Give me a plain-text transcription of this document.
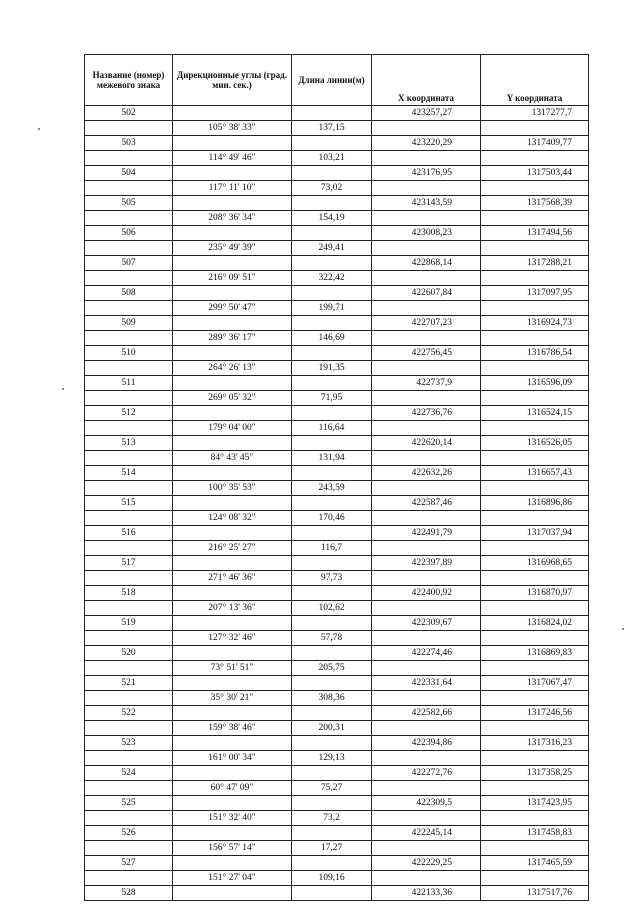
Название (номер) межевого знака	Дирекционные углы (град. мин. сек.)	Длина линии(м)	X координата	Y координата
502			423257,27	1317277,7
	105° 38' 33"	137,15		
503			423220,29	1317409,77
	114° 49' 46"	103,21		
504			423176,95	1317503,44
	117° 11' 10"	73,02		
505			423143,59	1317568,39
	208° 36' 34"	154,19		
506			423008,23	1317494,56
	235° 49' 39"	249,41		
507			422868,14	1317288,21
	216° 09' 51"	322,42		
508			422607,84	1317097,95
	299° 50' 47"	199,71		
509			422707,23	1316924,73
	289° 36' 17"	146,69		
510			422756,45	1316786,54
	264° 26' 13"	191,35		
511			422737,9	1316596,09
	269° 05' 32"	71,95		
512			422736,76	1316524,15
	179° 04' 00"	116,64		
513			422620,14	1316526,05
	84° 43' 45"	131,94		
514			422632,26	1316657,43
	100° 35' 53"	243,59		
515			422587,46	1316896,86
	124° 08' 32"	170,46		
516			422491,79	1317037,94
	216° 25' 27"	116,7		
517			422397,89	1316968,65
	271° 46' 36"	97,73		
518			422400,92	1316870,97
	207° 13' 36"	102,62		
519			422309,67	1316824,02
	127° 32' 46"	57,78		
520			422274,46	1316869,83
	73° 51' 51"	205,75		
521			422331,64	1317067,47
	35° 30' 21"	308,36		
522			422582,66	1317246,56
	159° 38' 46"	200,31		
523			422394,86	1317316,23
	161° 00' 34"	129,13		
524			422272,76	1317358,25
	60° 47' 09"	75,27		
525			422309,5	1317423,95
	151° 32' 40"	73,2		
526			422245,14	1317458,83
	156° 57' 14"	17,27		
527			422229,25	1317465,59
	151° 27' 04"	109,16		
528			422133,36	1317517,76
